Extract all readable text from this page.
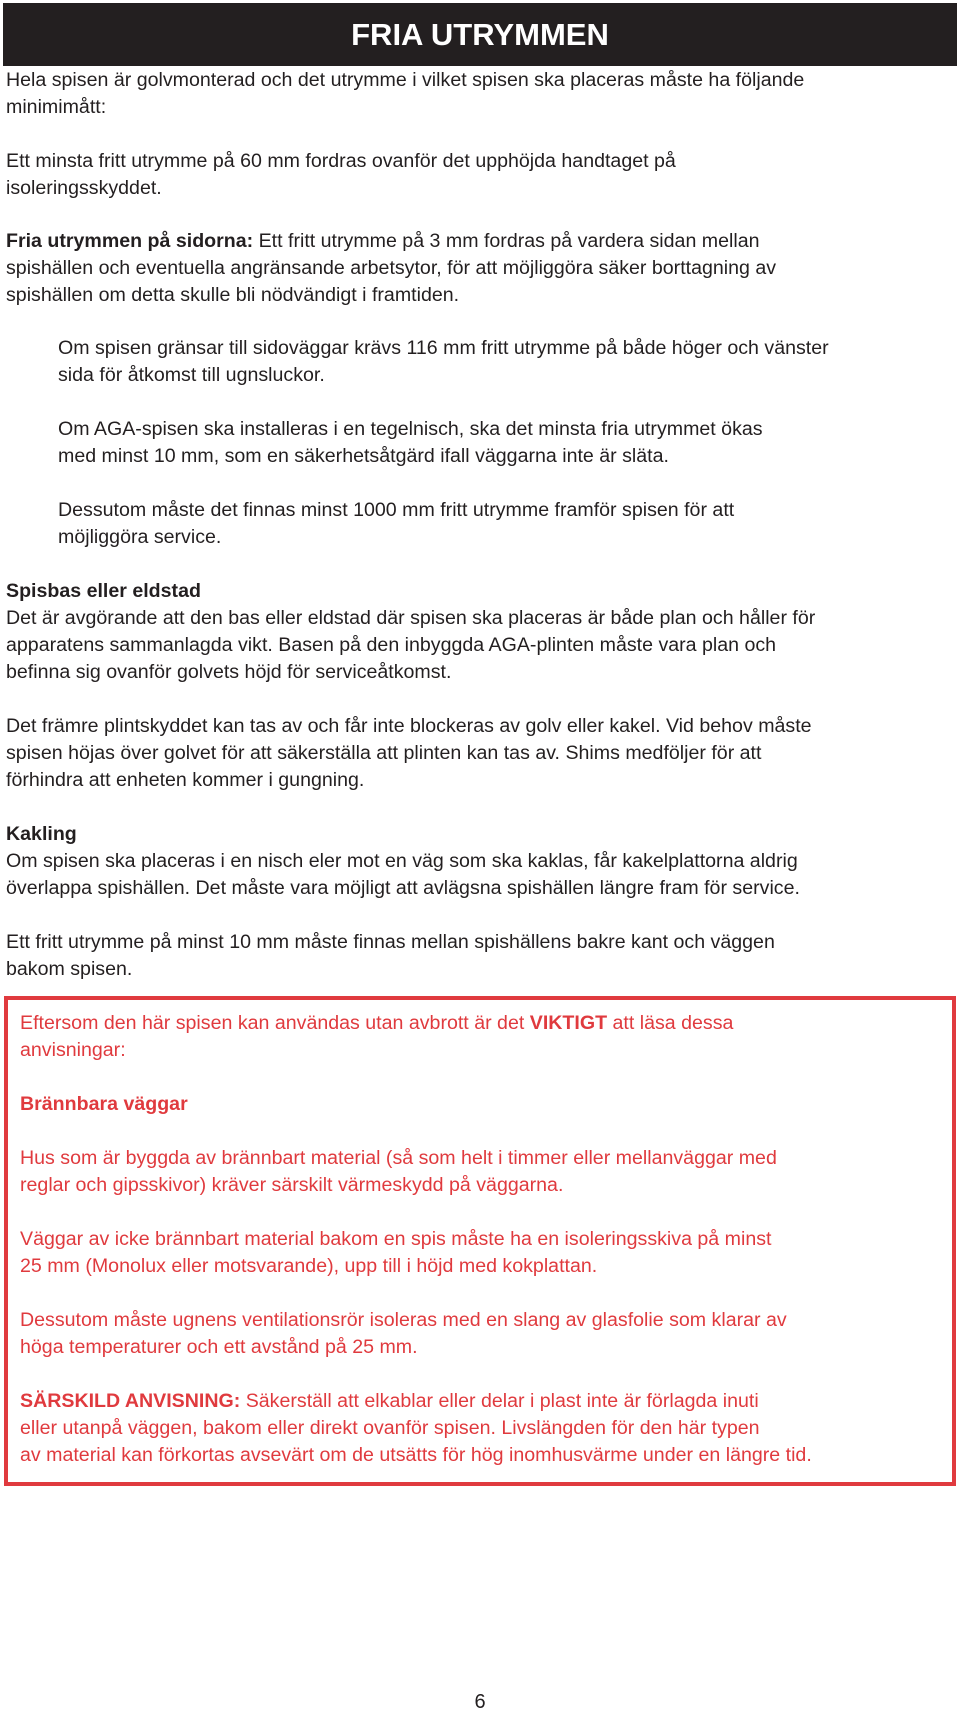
FRIA UTRYMMEN

Hela spisen är golvmonterad och det utrymme i vilket spisen ska placeras måste ha följande
minimimått:

Ett minsta fritt utrymme på 60 mm fordras ovanför det upphöjda handtaget på
isoleringsskyddet.

Fria utrymmen på sidorna: Ett fritt utrymme på 3 mm fordras på vardera sidan mellan
spishällen och eventuella angränsande arbetsytor, för att möjliggöra säker borttagning av
spishällen om detta skulle bli nödvändigt i framtiden.

Om spisen gränsar till sidoväggar krävs 116 mm fritt utrymme på både höger och vänster
sida för åtkomst till ugnsluckor.

Om AGA-spisen ska installeras i en tegelnisch, ska det minsta fria utrymmet ökas
med minst 10 mm, som en säkerhetsåtgärd ifall väggarna inte är släta.

Dessutom måste det finnas minst 1000 mm fritt utrymme framför spisen för att
möjliggöra service.

Spisbas eller eldstad
Det är avgörande att den bas eller eldstad där spisen ska placeras är både plan och håller för
apparatens sammanlagda vikt. Basen på den inbyggda AGA-plinten måste vara plan och
befinna sig ovanför golvets höjd för serviceåtkomst.

Det främre plintskyddet kan tas av och får inte blockeras av golv eller kakel. Vid behov måste
spisen höjas över golvet för att säkerställa att plinten kan tas av. Shims medföljer för att
förhindra att enheten kommer i gungning.

Kakling
Om spisen ska placeras i en nisch eler mot en väg som ska kaklas, får kakelplattorna aldrig
överlappa spishällen. Det måste vara möjligt att avlägsna spishällen längre fram för service.

Ett fritt utrymme på minst 10 mm måste finnas mellan spishällens bakre kant och väggen
bakom spisen.

Eftersom den här spisen kan användas utan avbrott är det VIKTIGT att läsa dessa
anvisningar:

Brännbara väggar

Hus som är byggda av brännbart material (så som helt i timmer eller mellanväggar med
reglar och gipsskivor) kräver särskilt värmeskydd på väggarna.

Väggar av icke brännbart material bakom en spis måste ha en isoleringsskiva på minst
25 mm (Monolux eller motsvarande), upp till i höjd med kokplattan.

Dessutom måste ugnens ventilationsrör isoleras med en slang av glasfolie som klarar av
höga temperaturer och ett avstånd på 25 mm.

SÄRSKILD ANVISNING: Säkerställ att elkablar eller delar i plast inte är förlagda inuti
eller utanpå väggen, bakom eller direkt ovanför spisen. Livslängden för den här typen
av material kan förkortas avsevärt om de utsätts för hög inomhusvärme under en längre tid.

6
